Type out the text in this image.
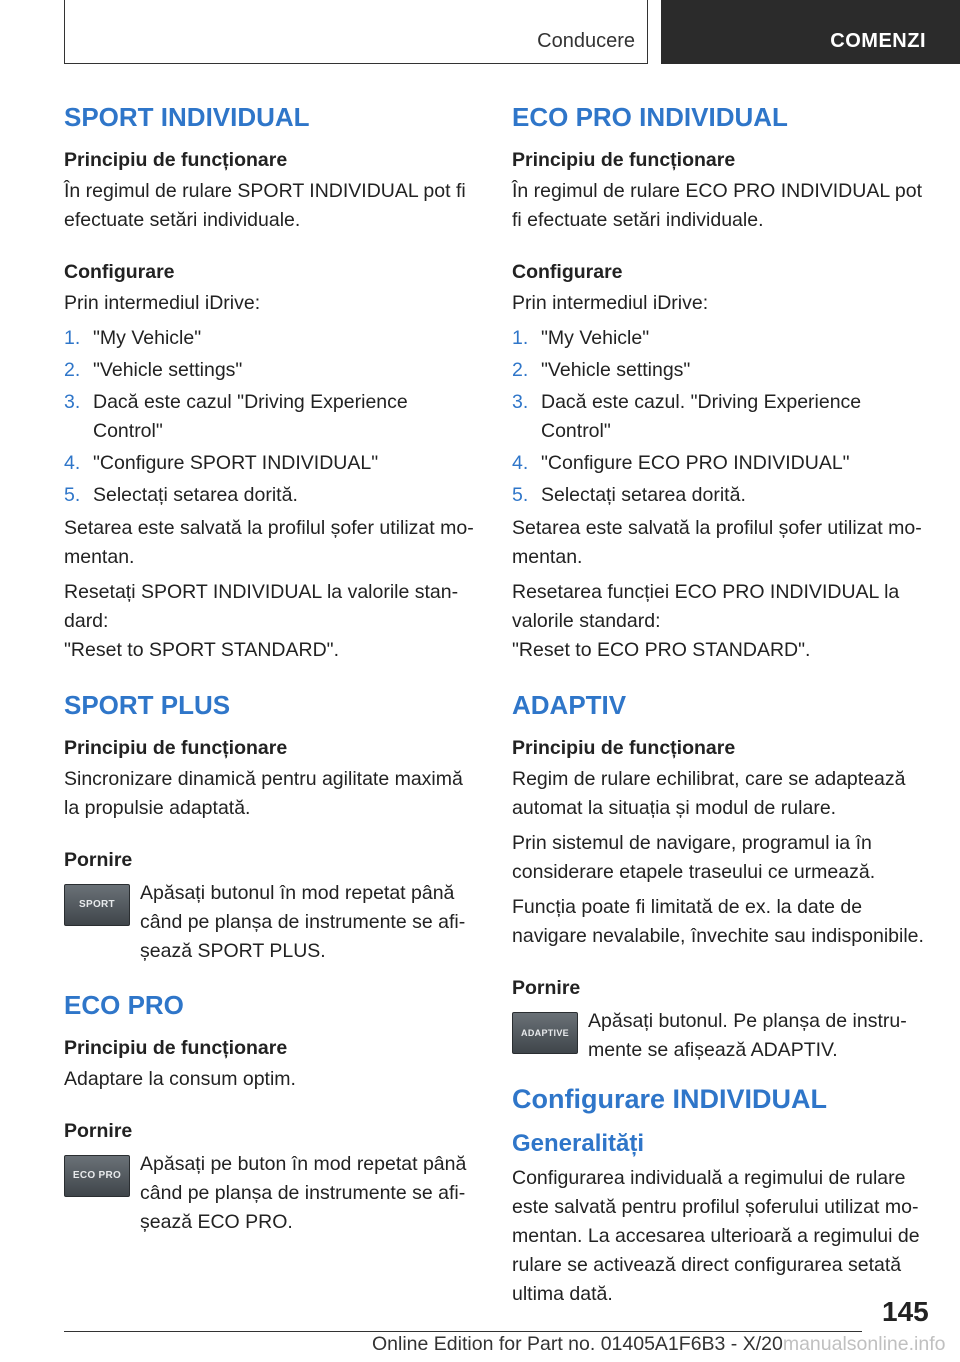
Conducere	COMENZI
SPORT INDIVIDUAL
Principiu de funcționare

În regimul de rulare SPORT INDIVIDUAL pot fi efectuate setări individuale.

Configurare

Prin intermediul iDrive:

1. "My Vehicle"
2. "Vehicle settings"
3. Dacă este cazul "Driving Experience Control"
4. "Configure SPORT INDIVIDUAL"
5. Selectați setarea dorită.

Setarea este salvată la profilul șofer utilizat momentan.

Resetați SPORT INDIVIDUAL la valorile standard:

"Reset to SPORT STANDARD".

SPORT PLUS
Principiu de funcționare

Sincronizare dinamică pentru agilitate maximă la propulsie adaptată.

Pornire
SPORT
Apăsați butonul în mod repetat până când pe planșa de instrumente se afișează SPORT PLUS.
ECO PRO
Principiu de funcționare

Adaptare la consum optim.

Pornire
ECO PRO
Apăsați pe buton în mod repetat până când pe planșa de instrumente se afișează ECO PRO.
ECO PRO INDIVIDUAL
Principiu de funcționare

În regimul de rulare ECO PRO INDIVIDUAL pot fi efectuate setări individuale.

Configurare

Prin intermediul iDrive:

1. "My Vehicle"
2. "Vehicle settings"
3. Dacă este cazul. "Driving Experience Control"
4. "Configure ECO PRO INDIVIDUAL"
5. Selectați setarea dorită.

Setarea este salvată la profilul șofer utilizat momentan.

Resetarea funcției ECO PRO INDIVIDUAL la valorile standard:

"Reset to ECO PRO STANDARD".

ADAPTIV
Principiu de funcționare

Regim de rulare echilibrat, care se adaptează automat la situația și modul de rulare.

Prin sistemul de navigare, programul ia în considerare etapele traseului ce urmează.

Funcția poate fi limitată de ex. la date de navigare nevalabile, învechite sau indisponibile.

Pornire
ADAPTIVE
Apăsați butonul. Pe planșa de instrumente se afișează ADAPTIV.
Configurare INDIVIDUAL
Generalități

Configurarea individuală a regimului de rulare este salvată pentru profilul șoferului utilizat momentan. La accesarea ulterioară a regimului de rulare se activează direct configurarea setată ultima dată.

145
Online Edition for Part no. 01405A1F6B3 - X/20manualsonline.info
